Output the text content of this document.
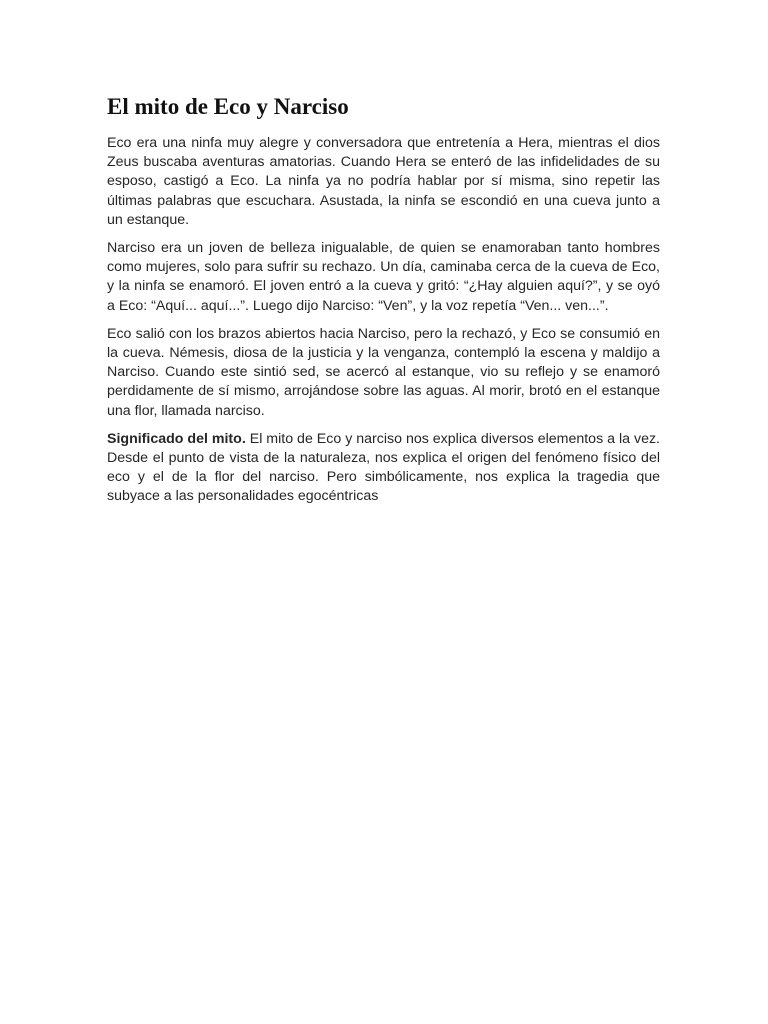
El mito de Eco y Narciso

Eco era una ninfa muy alegre y conversadora que entretenía a Hera, mientras el dios Zeus buscaba aventuras amatorias. Cuando Hera se enteró de las infidelidades de su esposo, castigó a Eco. La ninfa ya no podría hablar por sí misma, sino repetir las últimas palabras que escuchara. Asustada, la ninfa se escondió en una cueva junto a un estanque.

Narciso era un joven de belleza inigualable, de quien se enamoraban tanto hombres como mujeres, solo para sufrir su rechazo. Un día, caminaba cerca de la cueva de Eco, y la ninfa se enamoró. El joven entró a la cueva y gritó: “¿Hay alguien aquí?”, y se oyó a Eco: “Aquí... aquí...”. Luego dijo Narciso: “Ven”, y la voz repetía “Ven... ven...”.

Eco salió con los brazos abiertos hacia Narciso, pero la rechazó, y Eco se consumió en la cueva. Némesis, diosa de la justicia y la venganza, contempló la escena y maldijo a Narciso. Cuando este sintió sed, se acercó al estanque, vio su reflejo y se enamoró perdidamente de sí mismo, arrojándose sobre las aguas. Al morir, brotó en el estanque una flor, llamada narciso.

Significado del mito. El mito de Eco y narciso nos explica diversos elementos a la vez. Desde el punto de vista de la naturaleza, nos explica el origen del fenómeno físico del eco y el de la flor del narciso. Pero simbólicamente, nos explica la tragedia que subyace a las personalidades egocéntricas
